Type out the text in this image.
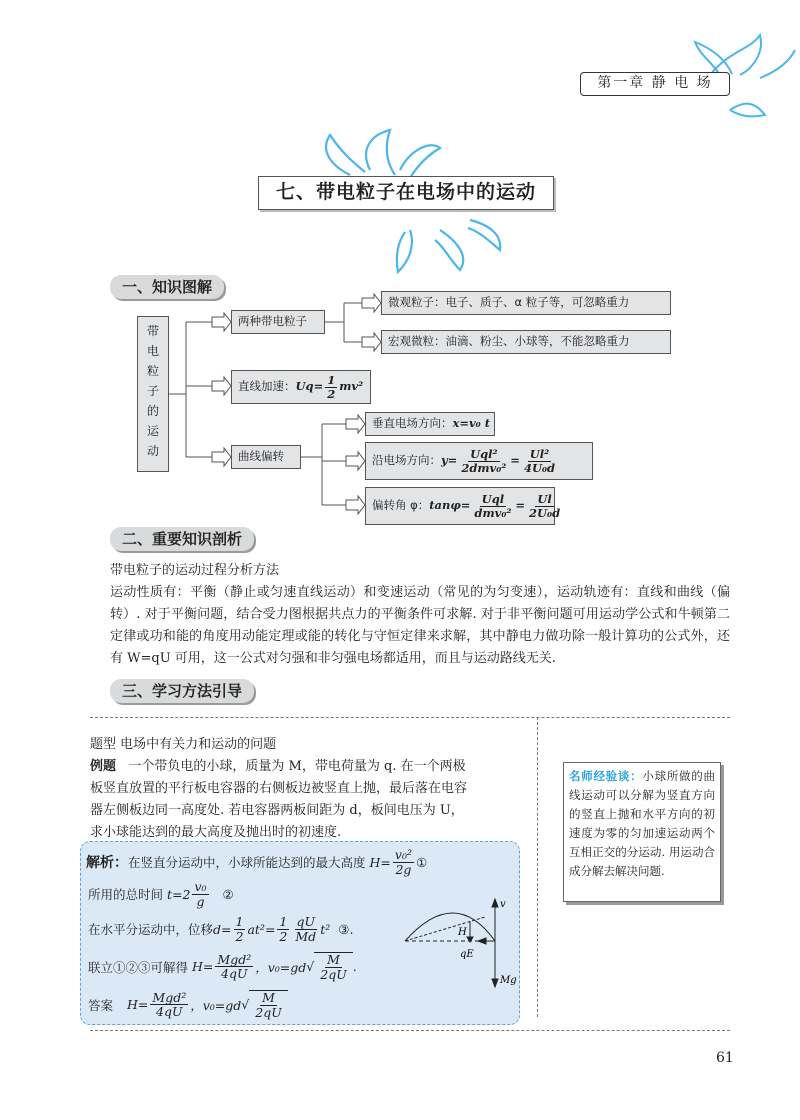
第一章 静 电 场
七、带电粒子在电场中的运动
一、知识图解
带
电
粒
子
的
运
动
两种带电粒子
微观粒子：电子、质子、α 粒子等，可忽略重力
宏观微粒：油滴、粉尘、小球等，不能忽略重力
直线加速： $Uq= \frac{1}{2} mv^2$
曲线偏转
垂直电场方向： x=v₀ t
沿电场方向： $y= \frac{\text{Uql²}}{\text{2dmv₀²}} = \frac{\text{Ul²}}{\text{4U₀d}}$
偏转角 φ： $\tan\varphi= \frac{\text{Uql}}{\text{dmv₀²}} = \frac{Ul}{\text{2U₀d}}$
二、重要知识剖析
带电粒子的运动过程分析方法
运动性质有：平衡（静止或匀速直线运动）和变速运动（常见的为匀变速），运动轨迹有：直线和曲线（偏转）. 对于平衡问题，结合受力图根据共点力的平衡条件可求解. 对于非平衡问题可用运动学公式和牛顿第二定律或功和能的角度用动能定理或能的转化与守恒定律来求解，其中静电力做功除一般计算功的公式外，还有 W=qU 可用，这一公式对匀强和非匀强电场都适用，而且与运动路线无关.
三、学习方法引导
题型 电场中有关力和运动的问题
例题 一个带负电的小球，质量为 M，带电荷量为 q. 在一个两极
板竖直放置的平行板电容器的右侧板边被竖直上抛，最后落在电容
器左侧板边同一高度处. 若电容器两板间距为 d，板间电压为 U，
求小球能达到的最大高度及抛出时的初速度.
名师经验谈：小球所做的曲线运动可以分解为竖直方向的竖直上抛和水平方向的初速度为零的匀加速运动两个互相正交的分运动. 用运动合成分解去解决问题.
解析： 在竖直分运动中，小球所能达到的最大高度 $H= \frac{\text{v₀²}}{2g}$ ①
所用的总时间 $t=2 \frac{\text{v₀}}{g}$ ②
在水平分运动中，位移 $d= \frac{1}{2} at^2= \frac{1}{2} \frac{qU}{Md} t^2$ ③.
联立①②③可解得 $H= \frac{\text{Mgd²}}{4qU}$ ，v₀=gd √ $\frac{M}{2qU}$ .
答案 $H= \frac{\text{Mgd²}}{4qU}$ ，v₀=gd √ $\frac{M}{2qU}$
v
H
qE
Mg
61
